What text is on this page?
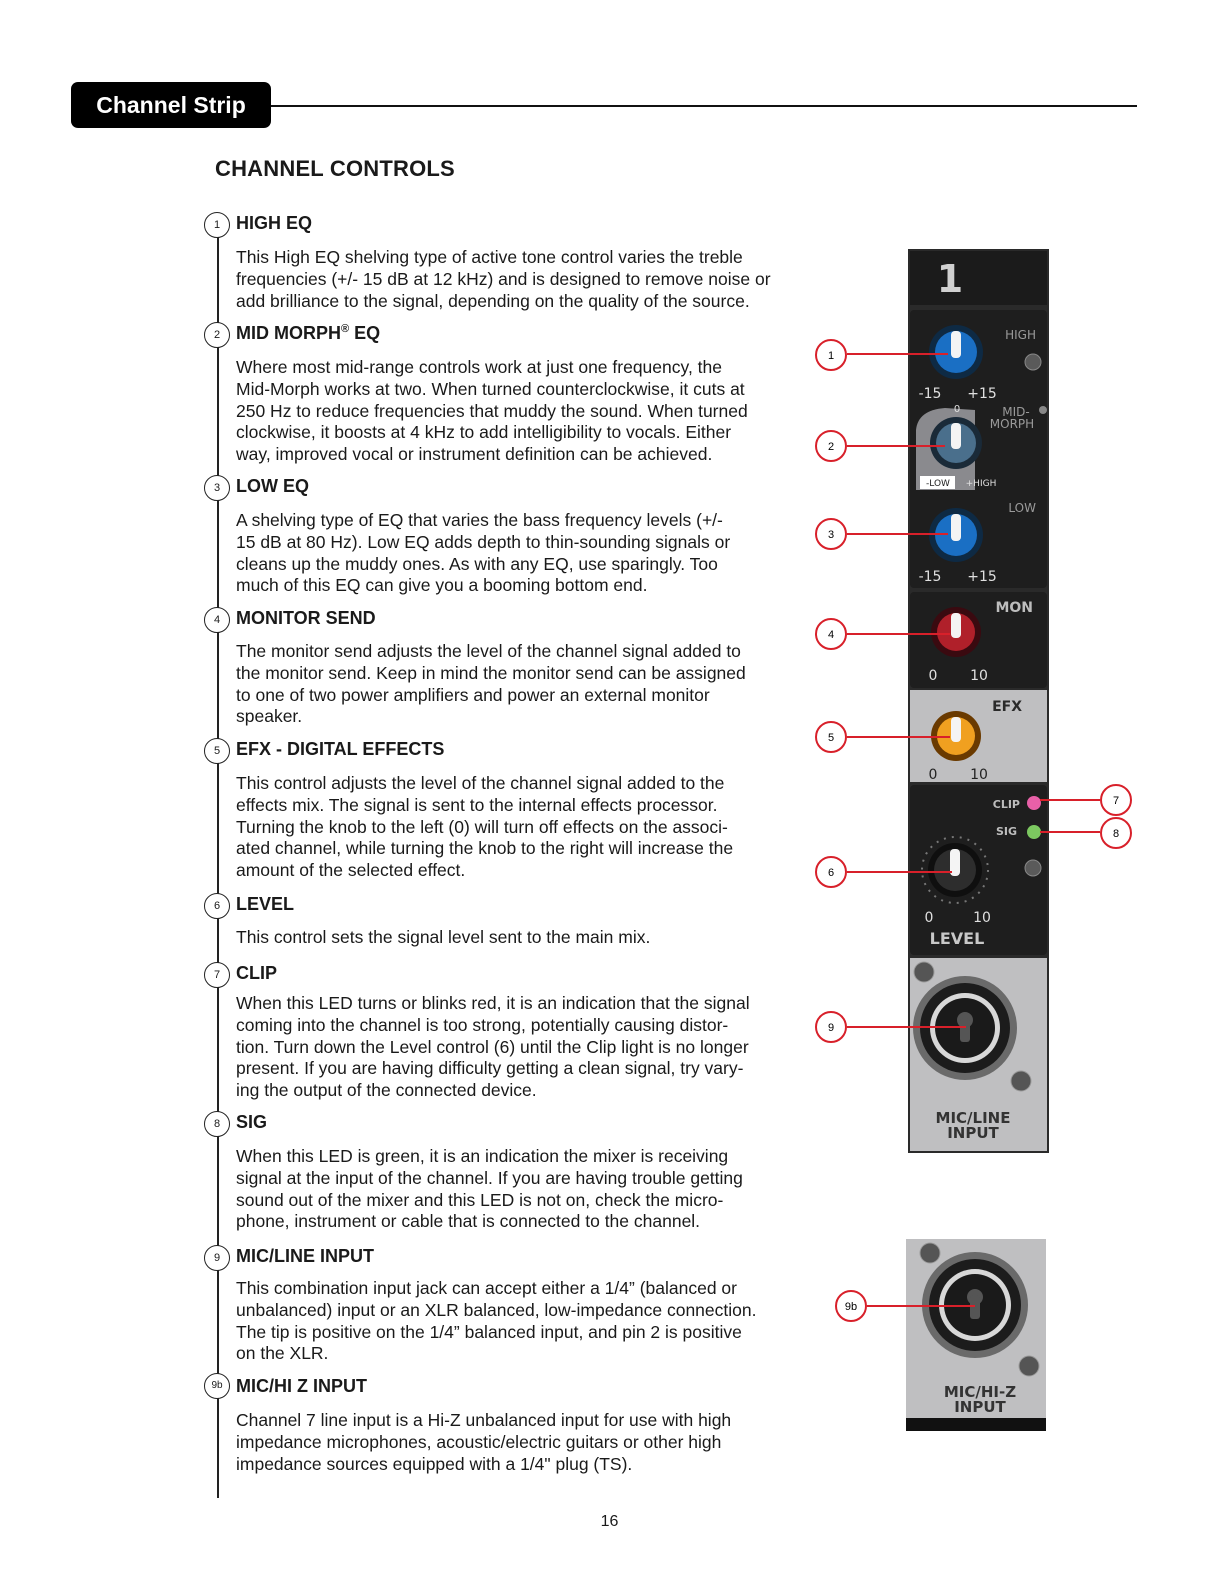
Channel Strip
CHANNEL CONTROLS
1 HIGH EQ
This High EQ shelving type of active tone control varies the treble
frequencies (+/- 15 dB at 12 kHz) and is designed to remove noise or
add brilliance to the signal, depending on the quality of the source.
2 MID MORPH® EQ
Where most mid-range controls work at just one frequency, the
Mid-Morph works at two. When turned counterclockwise, it cuts at
250 Hz to reduce frequencies that muddy the sound. When turned
clockwise, it boosts at 4 kHz to add intelligibility to vocals. Either
way, improved vocal or instrument definition can be achieved.
3 LOW EQ
A shelving type of EQ that varies the bass frequency levels (+/-
15 dB at 80 Hz). Low EQ adds depth to thin-sounding signals or
cleans up the muddy ones. As with any EQ, use sparingly. Too
much of this EQ can give you a booming bottom end.
4 MONITOR SEND
The monitor send adjusts the level of the channel signal added to
the monitor send. Keep in mind the monitor send can be assigned
to one of two power amplifiers and power an external monitor
speaker.
5 EFX - DIGITAL EFFECTS
This control adjusts the level of the channel signal added to the
effects mix. The signal is sent to the internal effects processor.
Turning the knob to the left (0) will turn off effects on the associ-
ated channel, while turning the knob to the right will increase the
amount of the selected effect.
6 LEVEL
This control sets the signal level sent to the main mix.
7 CLIP
When this LED turns or blinks red, it is an indication that the signal
coming into the channel is too strong, potentially causing distor-
tion. Turn down the Level control (6) until the Clip light is no longer
present. If you are having difficulty getting a clean signal, try vary-
ing the output of the connected device.
8 SIG
When this LED is green, it is an indication the mixer is receiving
signal at the input of the channel. If you are having trouble getting
sound out of the mixer and this LED is not on, check the micro-
phone, instrument or cable that is connected to the channel.
9 MIC/LINE INPUT
This combination input jack can accept either a 1/4” (balanced or
unbalanced) input or an XLR balanced, low-impedance connection.
The tip is positive on the 1/4” balanced input, and pin 2 is positive
on the XLR.
9b MIC/HI Z INPUT
Channel 7 line input is a Hi-Z unbalanced input for use with high
impedance microphones, acoustic/electric guitars or other high
impedance sources equipped with a 1/4" plug (TS).
1
HIGH
-15 +15
0	MID-
MORPH
-LOW +HIGH
LOW
-15 +15
MON
0 10
EFX
0 10
CLIP
SIG
0	10
LEVEL
MIC/LINE
INPUT
1
2
3
4
5
6
9
7
8
MIC/HI-Z
INPUT
9b
16
